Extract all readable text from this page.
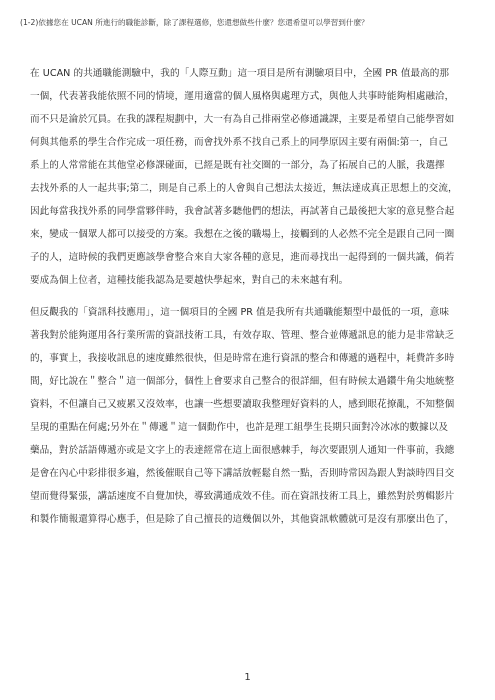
(1-2)依據您在 UCAN 所進行的職能診斷，除了課程選修，您還想做些什麼？您還希望可以學習到什麼？
在 UCAN 的共通職能測驗中，我的「人際互動」這一項目是所有測驗項目中，全國 PR 值最高的那
一個，代表著我能依照不同的情境，運用適當的個人風格與處理方式，與他人共事時能夠相處融洽，
而不只是淪於冗員。在我的課程規劃中，大一有為自己排兩堂必修通識課，主要是希望自己能學習如
何與其他系的學生合作完成一項任務，而會找外系不找自己系上的同學原因主要有兩個:第一，自己
系上的人常常能在其他堂必修課碰面，已經是既有社交圈的一部分，為了拓展自己的人脈，我選擇
去找外系的人一起共事;第二，則是自己系上的人會與自己想法太接近，無法達成真正思想上的交流，
因此每當我找外系的同學當夥伴時，我會試著多聽他們的想法，再試著自己最後把大家的意見整合起
來，變成一個眾人都可以接受的方案。我想在之後的職場上，接觸到的人必然不完全是跟自己同一圈
子的人，這時候的我們更應該學會整合來自大家各種的意見，進而尋找出一起得到的一個共識，倘若
要成為個上位者，這種技能我認為是要越快學起來，對自己的未來越有利。
但反觀我的「資訊科技應用」，這一個項目的全國 PR 值是我所有共通職能類型中最低的一項，意味
著我對於能夠運用各行業所需的資訊技術工具，有效存取、管理、整合並傳遞訊息的能力是非常缺乏
的，事實上，我接收訊息的速度雖然很快，但是時常在進行資訊的整合和傳遞的過程中，耗費許多時
間，好比說在＂整合＂這一個部分，個性上會要求自己整合的很詳細，但有時候太過鑽牛角尖地統整
資料，不但讓自己又疲累又沒效率，也讓一些想要讀取我整理好資料的人，感到眼花撩亂，不知整個
呈現的重點在何處;另外在＂傳遞＂這一個動作中，也許是理工組學生長期只面對冷冰冰的數據以及
藥品，對於話語傳遞亦或是文字上的表達經常在這上面很感棘手，每次要跟別人通知一件事前，我總
是會在內心中彩排很多遍，然後催眠自己等下講話放輕鬆自然一點，否則時常因為跟人對談時四目交
望而覺得緊張，講話速度不自覺加快，導致溝通成效不佳。而在資訊技術工具上，雖然對於剪輯影片
和製作簡報還算得心應手，但是除了自己擅長的這幾個以外，其他資訊軟體就可是沒有那麼出色了，
1
